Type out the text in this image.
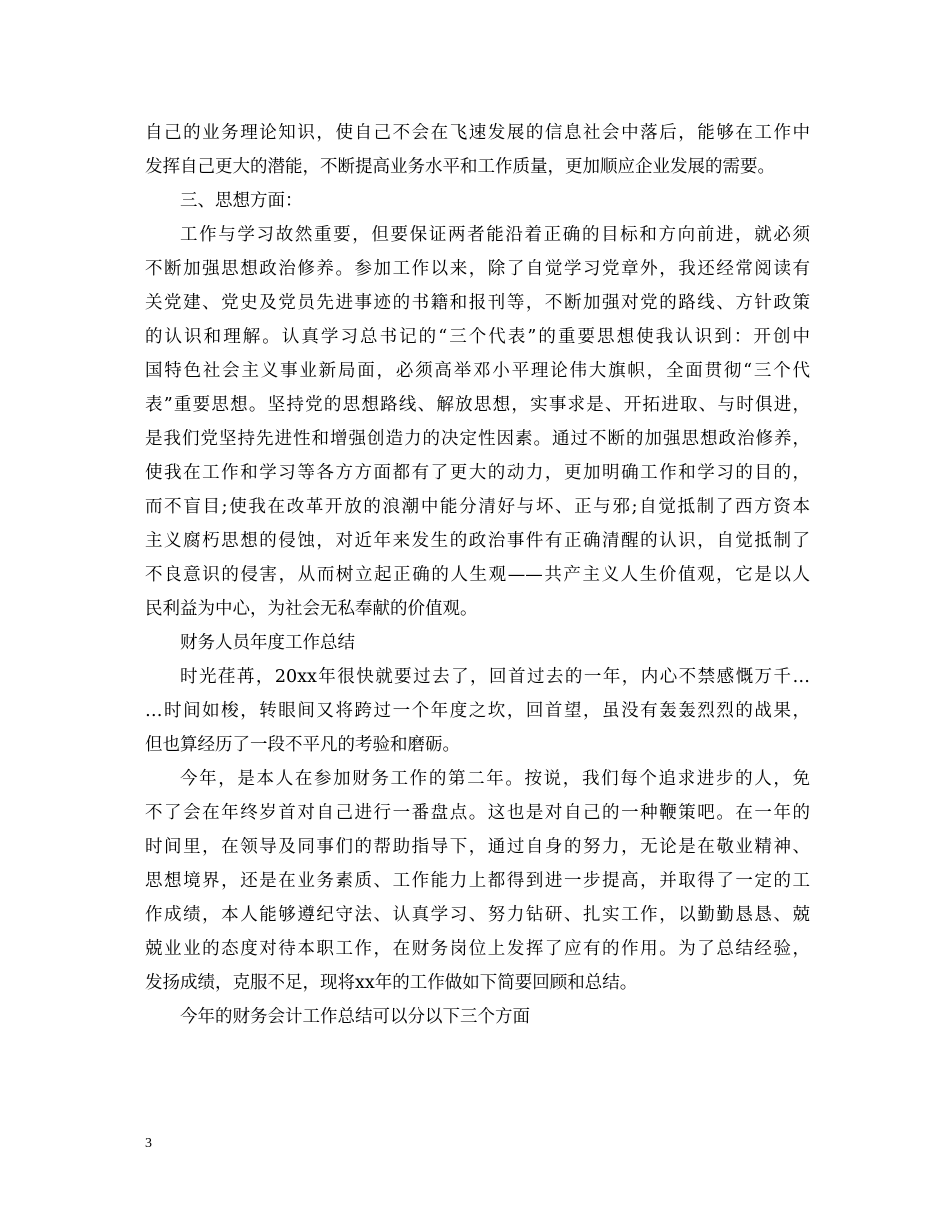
自己的业务理论知识，使自己不会在飞速发展的信息社会中落后，能够在工作中
发挥自己更大的潜能，不断提高业务水平和工作质量，更加顺应企业发展的需要。
三、思想方面：
工作与学习故然重要，但要保证两者能沿着正确的目标和方向前进，就必须
不断加强思想政治修养。参加工作以来，除了自觉学习党章外，我还经常阅读有
关党建、党史及党员先进事迹的书籍和报刊等，不断加强对党的路线、方针政策
的认识和理解。认真学习总书记的“三个代表”的重要思想使我认识到：开创中
国特色社会主义事业新局面，必须高举邓小平理论伟大旗帜，全面贯彻“三个代
表”重要思想。坚持党的思想路线、解放思想，实事求是、开拓进取、与时俱进，
是我们党坚持先进性和增强创造力的决定性因素。通过不断的加强思想政治修养，
使我在工作和学习等各方方面都有了更大的动力，更加明确工作和学习的目的，
而不盲目;使我在改革开放的浪潮中能分清好与坏、正与邪;自觉抵制了西方资本
主义腐朽思想的侵蚀，对近年来发生的政治事件有正确清醒的认识，自觉抵制了
不良意识的侵害，从而树立起正确的人生观——共产主义人生价值观，它是以人
民利益为中心，为社会无私奉献的价值观。
财务人员年度工作总结
时光荏苒，20xx年很快就要过去了，回首过去的一年，内心不禁感慨万千…
…时间如梭，转眼间又将跨过一个年度之坎，回首望，虽没有轰轰烈烈的战果，
但也算经历了一段不平凡的考验和磨砺。
今年，是本人在参加财务工作的第二年。按说，我们每个追求进步的人，免
不了会在年终岁首对自己进行一番盘点。这也是对自己的一种鞭策吧。在一年的
时间里，在领导及同事们的帮助指导下，通过自身的努力，无论是在敬业精神、
思想境界，还是在业务素质、工作能力上都得到进一步提高，并取得了一定的工
作成绩，本人能够遵纪守法、认真学习、努力钻研、扎实工作，以勤勤恳恳、兢
兢业业的态度对待本职工作，在财务岗位上发挥了应有的作用。为了总结经验，
发扬成绩，克服不足，现将xx年的工作做如下简要回顾和总结。
今年的财务会计工作总结可以分以下三个方面
3
